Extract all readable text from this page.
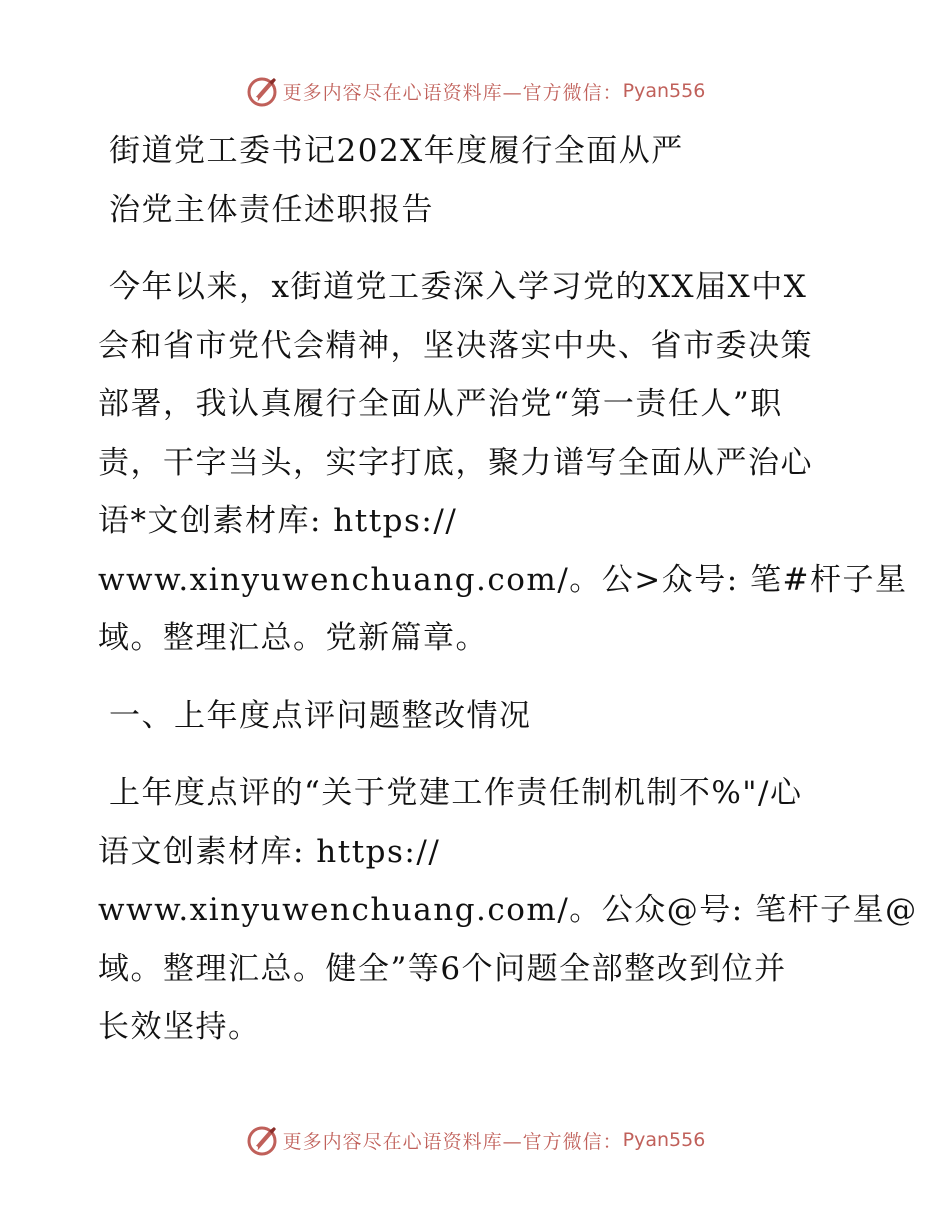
更多内容尽在心语资料库—官方微信： Pyan556
街道党工委书记202X年度履行全面从严
治党主体责任述职报告
今年以来，x街道党工委深入学习党的XX届X中X
会和省市党代会精神，坚决落实中央、省市委决策
部署，我认真履行全面从严治党“第一责任人”职
责，干字当头，实字打底，聚力谱写全面从严治心
语*文创素材库: https://
www.xinyuwenchuang.com/。公>众号: 笔#杆子星
域。整理汇总。党新篇章。
一、上年度点评问题整改情况
上年度点评的“关于党建工作责任制机制不%"/心
语文创素材库: https://
www.xinyuwenchuang.com/。公众@号: 笔杆子星@
域。整理汇总。健全”等6个问题全部整改到位并
长效坚持。
更多内容尽在心语资料库—官方微信： Pyan556
